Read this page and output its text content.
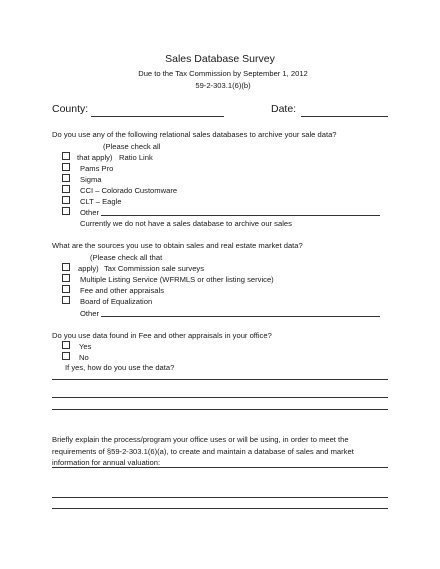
Sales Database Survey
Due to the Tax Commission by September 1, 2012
59-2-303.1(6)(b)
County:	Date:
Do you use any of the following relational sales databases to archive your sale data?
(Please check all
that apply) Ratio Link
Pams Pro
Sigma
CCI – Colorado Customware
CLT – Eagle
Other
Currently we do not have a sales database to archive our sales
What are the sources you use to obtain sales and real estate market data?
(Please check all that
apply) Tax Commission sale surveys
Multiple Listing Service (WFRMLS or other listing service)
Fee and other appraisals
Board of Equalization
Other
Do you use data found in Fee and other appraisals in your office?
Yes
No
If yes, how do you use the data?
Briefly explain the process/program your office uses or will be using, in order to meet the
requirements of §59-2-303.1(6)(a), to create and maintain a database of sales and market
information for annual valuation:
